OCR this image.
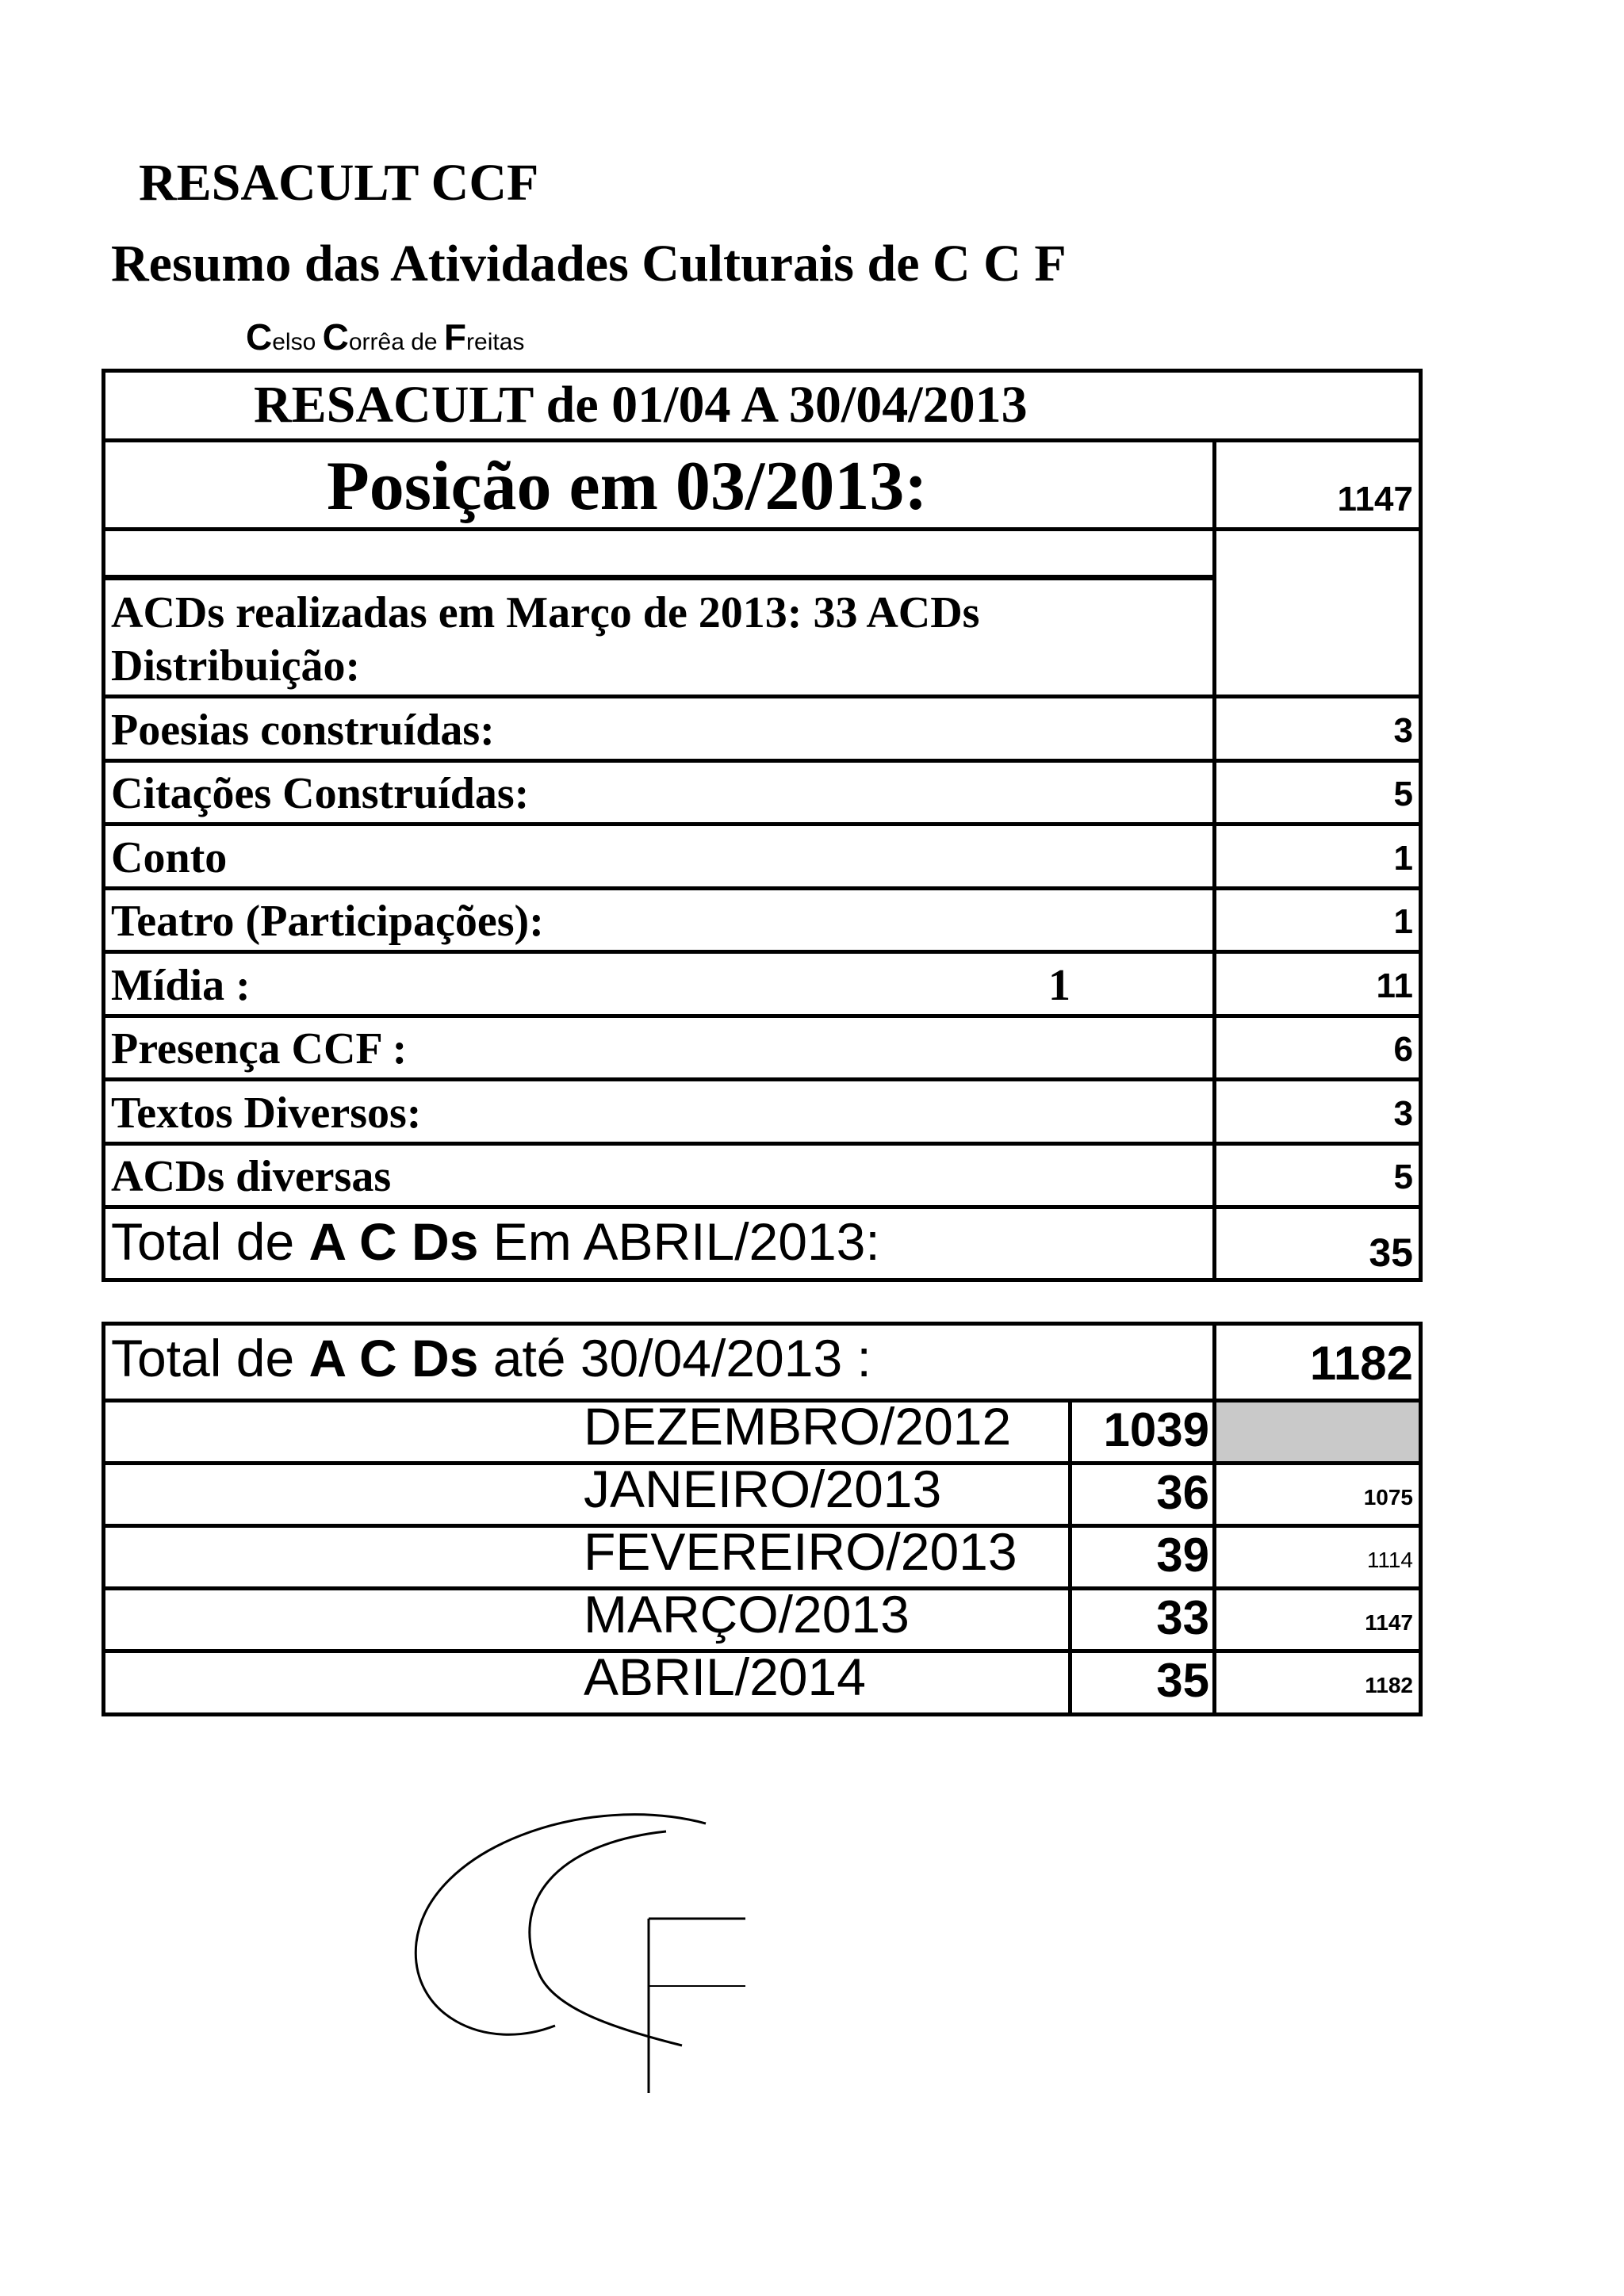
RESACULT CCF
Resumo das Atividades Culturais de C C F
Celso Corrêa de Freitas
RESACULT de 01/04 A 30/04/2013
Posição em 03/2013:	1147
ACDs realizadas em Março de 2013: 33 ACDs
Distribuição:
Poesias construídas:	3
Citações Construídas:	5
Conto	1
Teatro (Participações):	1
Mídia :	1	11
Presença CCF :	6
Textos Diversos:	3
ACDs diversas	5
Total de A C Ds Em ABRIL/2013:	35
Total de A C Ds até 30/04/2013 :	1182
DEZEMBRO/2012	1039
JANEIRO/2013	36	1075
FEVEREIRO/2013	39	1114
MARÇO/2013	33	1147
ABRIL/2014	35	1182
